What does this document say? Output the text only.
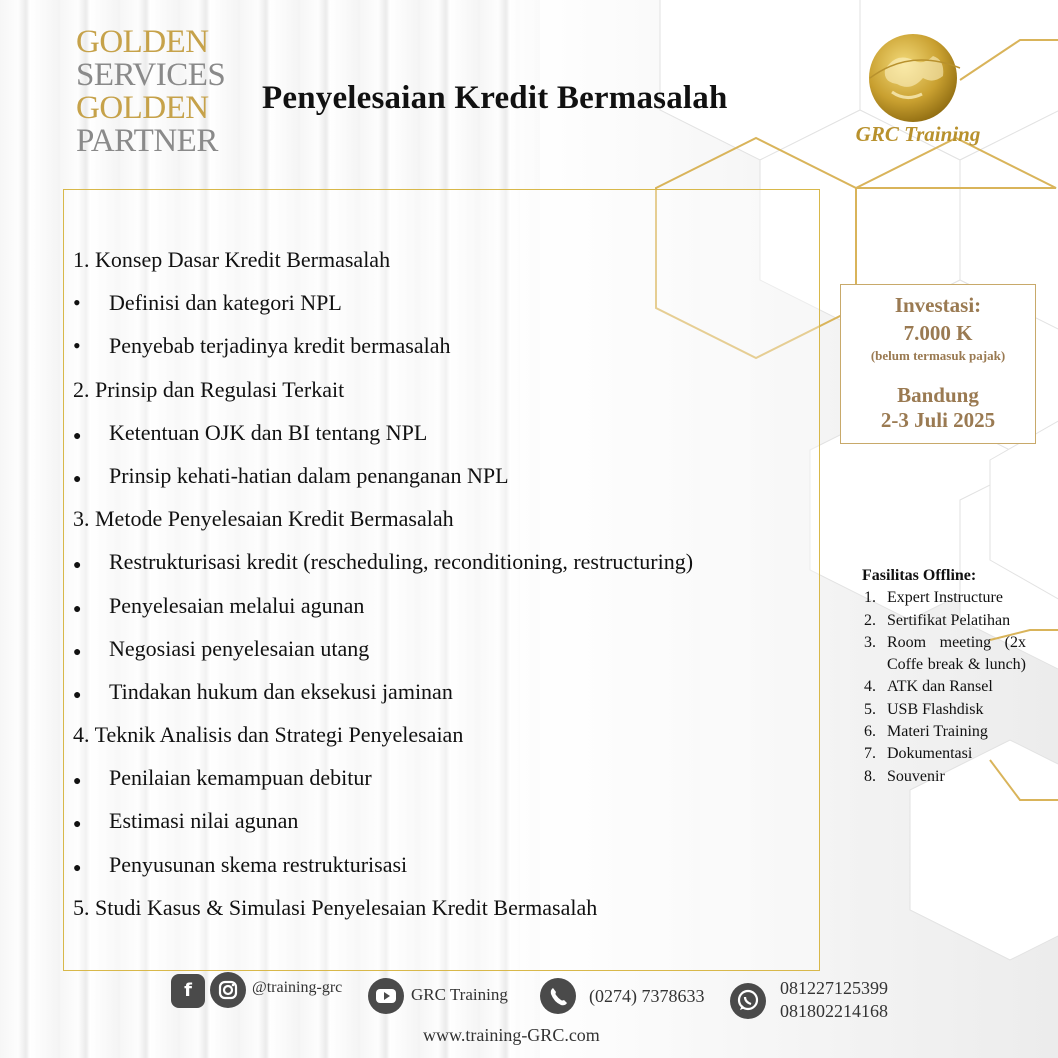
GOLDEN
SERVICES
GOLDEN
PARTNER
Penyelesaian Kredit Bermasalah
GRC Training
1. Konsep Dasar Kredit Bermasalah
•	Definisi dan kategori NPL
•	Penyebab terjadinya kredit bermasalah
2. Prinsip dan Regulasi Terkait
●	Ketentuan OJK dan BI tentang NPL
●	Prinsip kehati-hatian dalam penanganan NPL
3. Metode Penyelesaian Kredit Bermasalah
●	Restrukturisasi kredit (rescheduling, reconditioning, restructuring)
●	Penyelesaian melalui agunan
●	Negosiasi penyelesaian utang
●	Tindakan hukum dan eksekusi jaminan
4. Teknik Analisis dan Strategi Penyelesaian
●	Penilaian kemampuan debitur
●	Estimasi nilai agunan
●	Penyusunan skema restrukturisasi
5. Studi Kasus & Simulasi Penyelesaian Kredit Bermasalah
Investasi:
7.000 K
(belum termasuk pajak)
Bandung
2-3 Juli 2025
Fasilitas Offline:
1. Expert Instructure
2. Sertifikat Pelatihan
3. Room meeting (2x Coffe break & lunch)
4. ATK dan Ransel
5. USB Flashdisk
6. Materi Training
7. Dokumentasi
8. Souvenir
f	@training-grc	GRC Training	(0274) 7378633	081227125399
081802214168
www.training-GRC.com
